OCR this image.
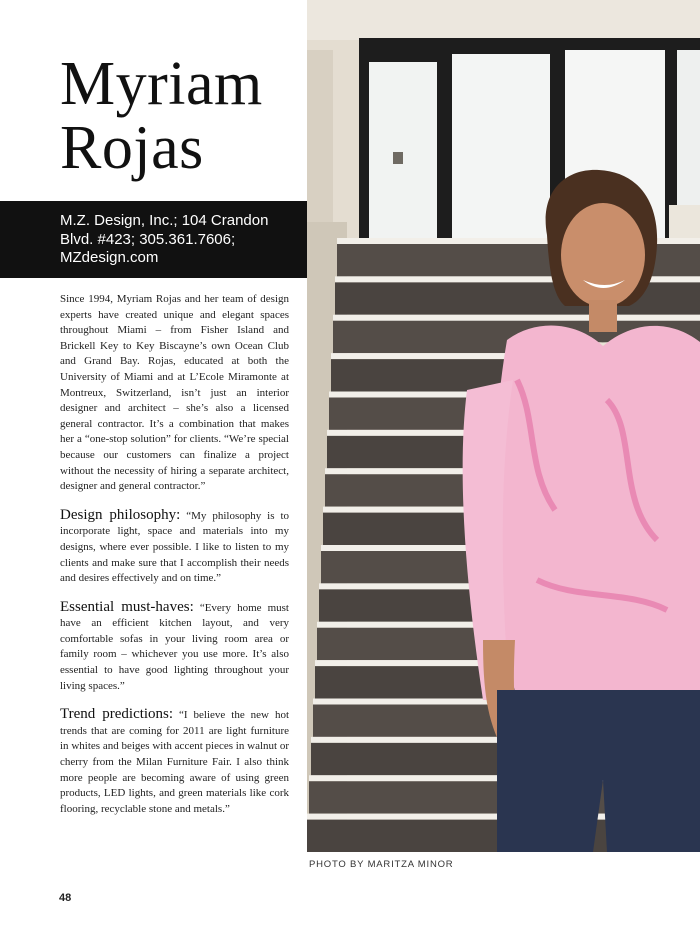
Myriam
Rojas
M.Z. Design, Inc.; 104 Crandon Blvd. #423; 305.361.7606; MZdesign.com

Since 1994, Myriam Rojas and her team of design experts have created unique and elegant spaces throughout Miami – from Fisher Island and Brickell Key to Key Biscayne’s own Ocean Club and Grand Bay. Rojas, educated at both the University of Miami and at L’Ecole Miramonte at Montreux, Switzerland, isn’t just an interior designer and architect – she’s also a licensed general contractor. It’s a combination that makes her a “one-stop solution” for clients. “We’re special because our customers can finalize a project without the necessity of hiring a separate architect, designer and general contractor.”

Design philosophy: “My philosophy is to incorporate light, space and materials into my designs, where ever possible. I like to listen to my clients and make sure that I accomplish their needs and desires effectively and on time.”

Essential must-haves: “Every home must have an efficient kitchen layout, and very comfortable sofas in your living room area or family room – whichever you use more. It’s also essential to have good lighting throughout your living spaces.”

Trend predictions: “I believe the new hot trends that are coming for 2011 are light furniture in whites and beiges with accent pieces in walnut or cherry from the Milan Furniture Fair. I also think more people are becoming aware of using green products, LED lights, and green materials like cork flooring, recyclable stone and metals.”

PHOTO BY MARITZA MINOR
48
